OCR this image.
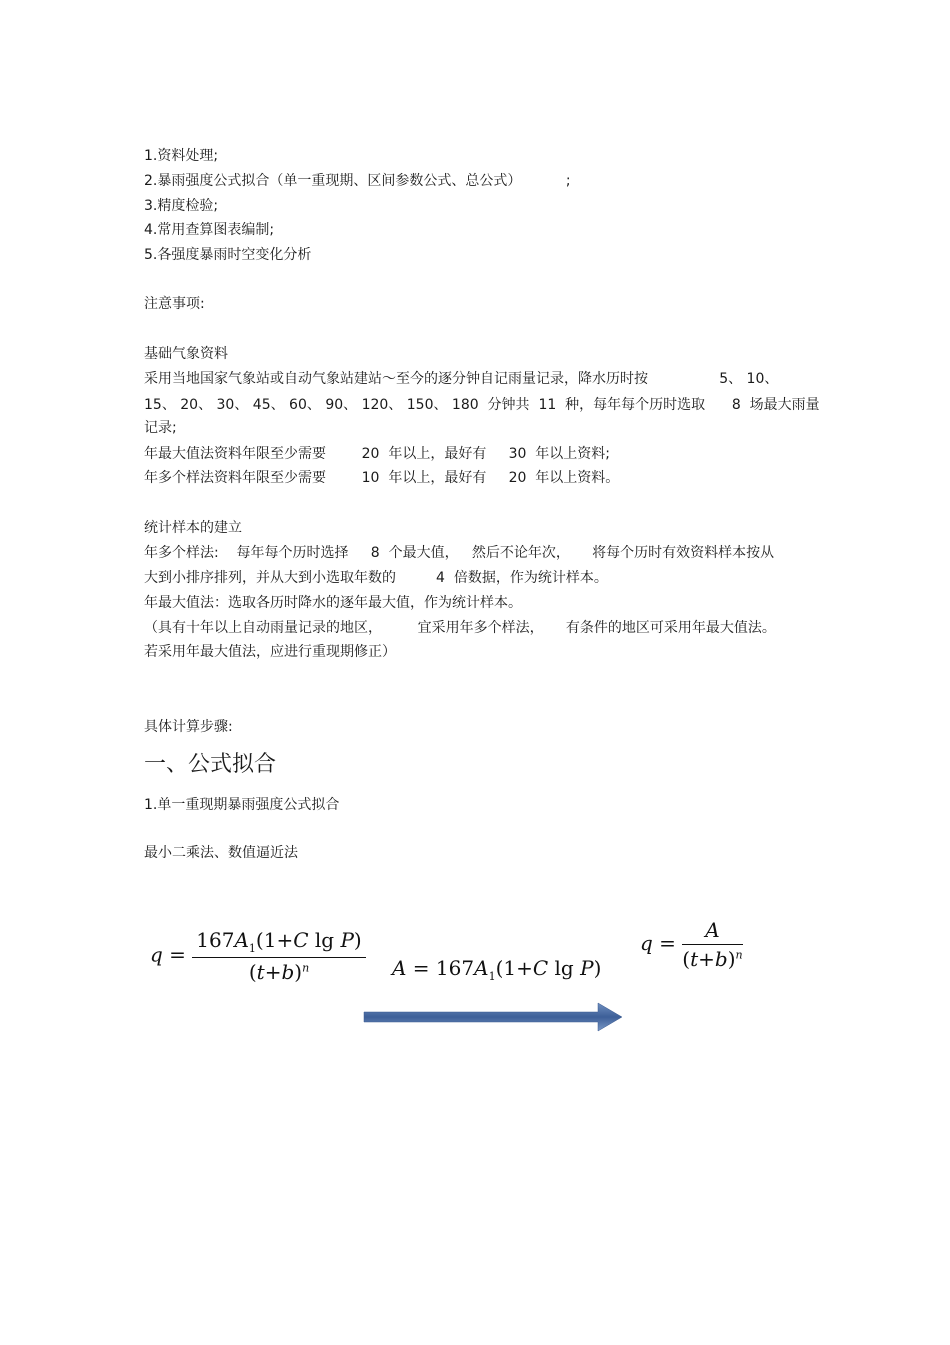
1.资料处理;

2.暴雨强度公式拟合（单一重现期、区间参数公式、总公式）          ;

3.精度检验;

4.常用查算图表编制;

5.各强度暴雨时空变化分析

注意事项:

基础气象资料

采用当地国家气象站或自动气象站建站～至今的逐分钟自记雨量记录，降水历时按                5、 10、

15、 20、 30、 45、 60、 90、 120、 150、 180  分钟共  11  种，每年每个历时选取      8  场最大雨量

记录;

年最大值法资料年限至少需要        20  年以上，最好有     30  年以上资料;

年多个样法资料年限至少需要        10  年以上，最好有     20  年以上资料。

统计样本的建立

年多个样法:    每年每个历时选择     8  个最大值，   然后不论年次，     将每个历时有效资料样本按从

大到小排序排列，并从大到小选取年数的         4  倍数据，作为统计样本。

年最大值法：选取各历时降水的逐年最大值，作为统计样本。

（具有十年以上自动雨量记录的地区，        宜采用年多个样法，     有条件的地区可采用年最大值法。

若采用年最大值法，应进行重现期修正）

具体计算步骤:

一、公式拟合

1.单一重现期暴雨强度公式拟合

最小二乘法、数值逼近法

$q = \frac{167A_1(1+C \lg P)}{(t+b)^n}$ $A = 167A_1(1+C$ lg P)
$q = \frac{A}{(t+b)^n}$
